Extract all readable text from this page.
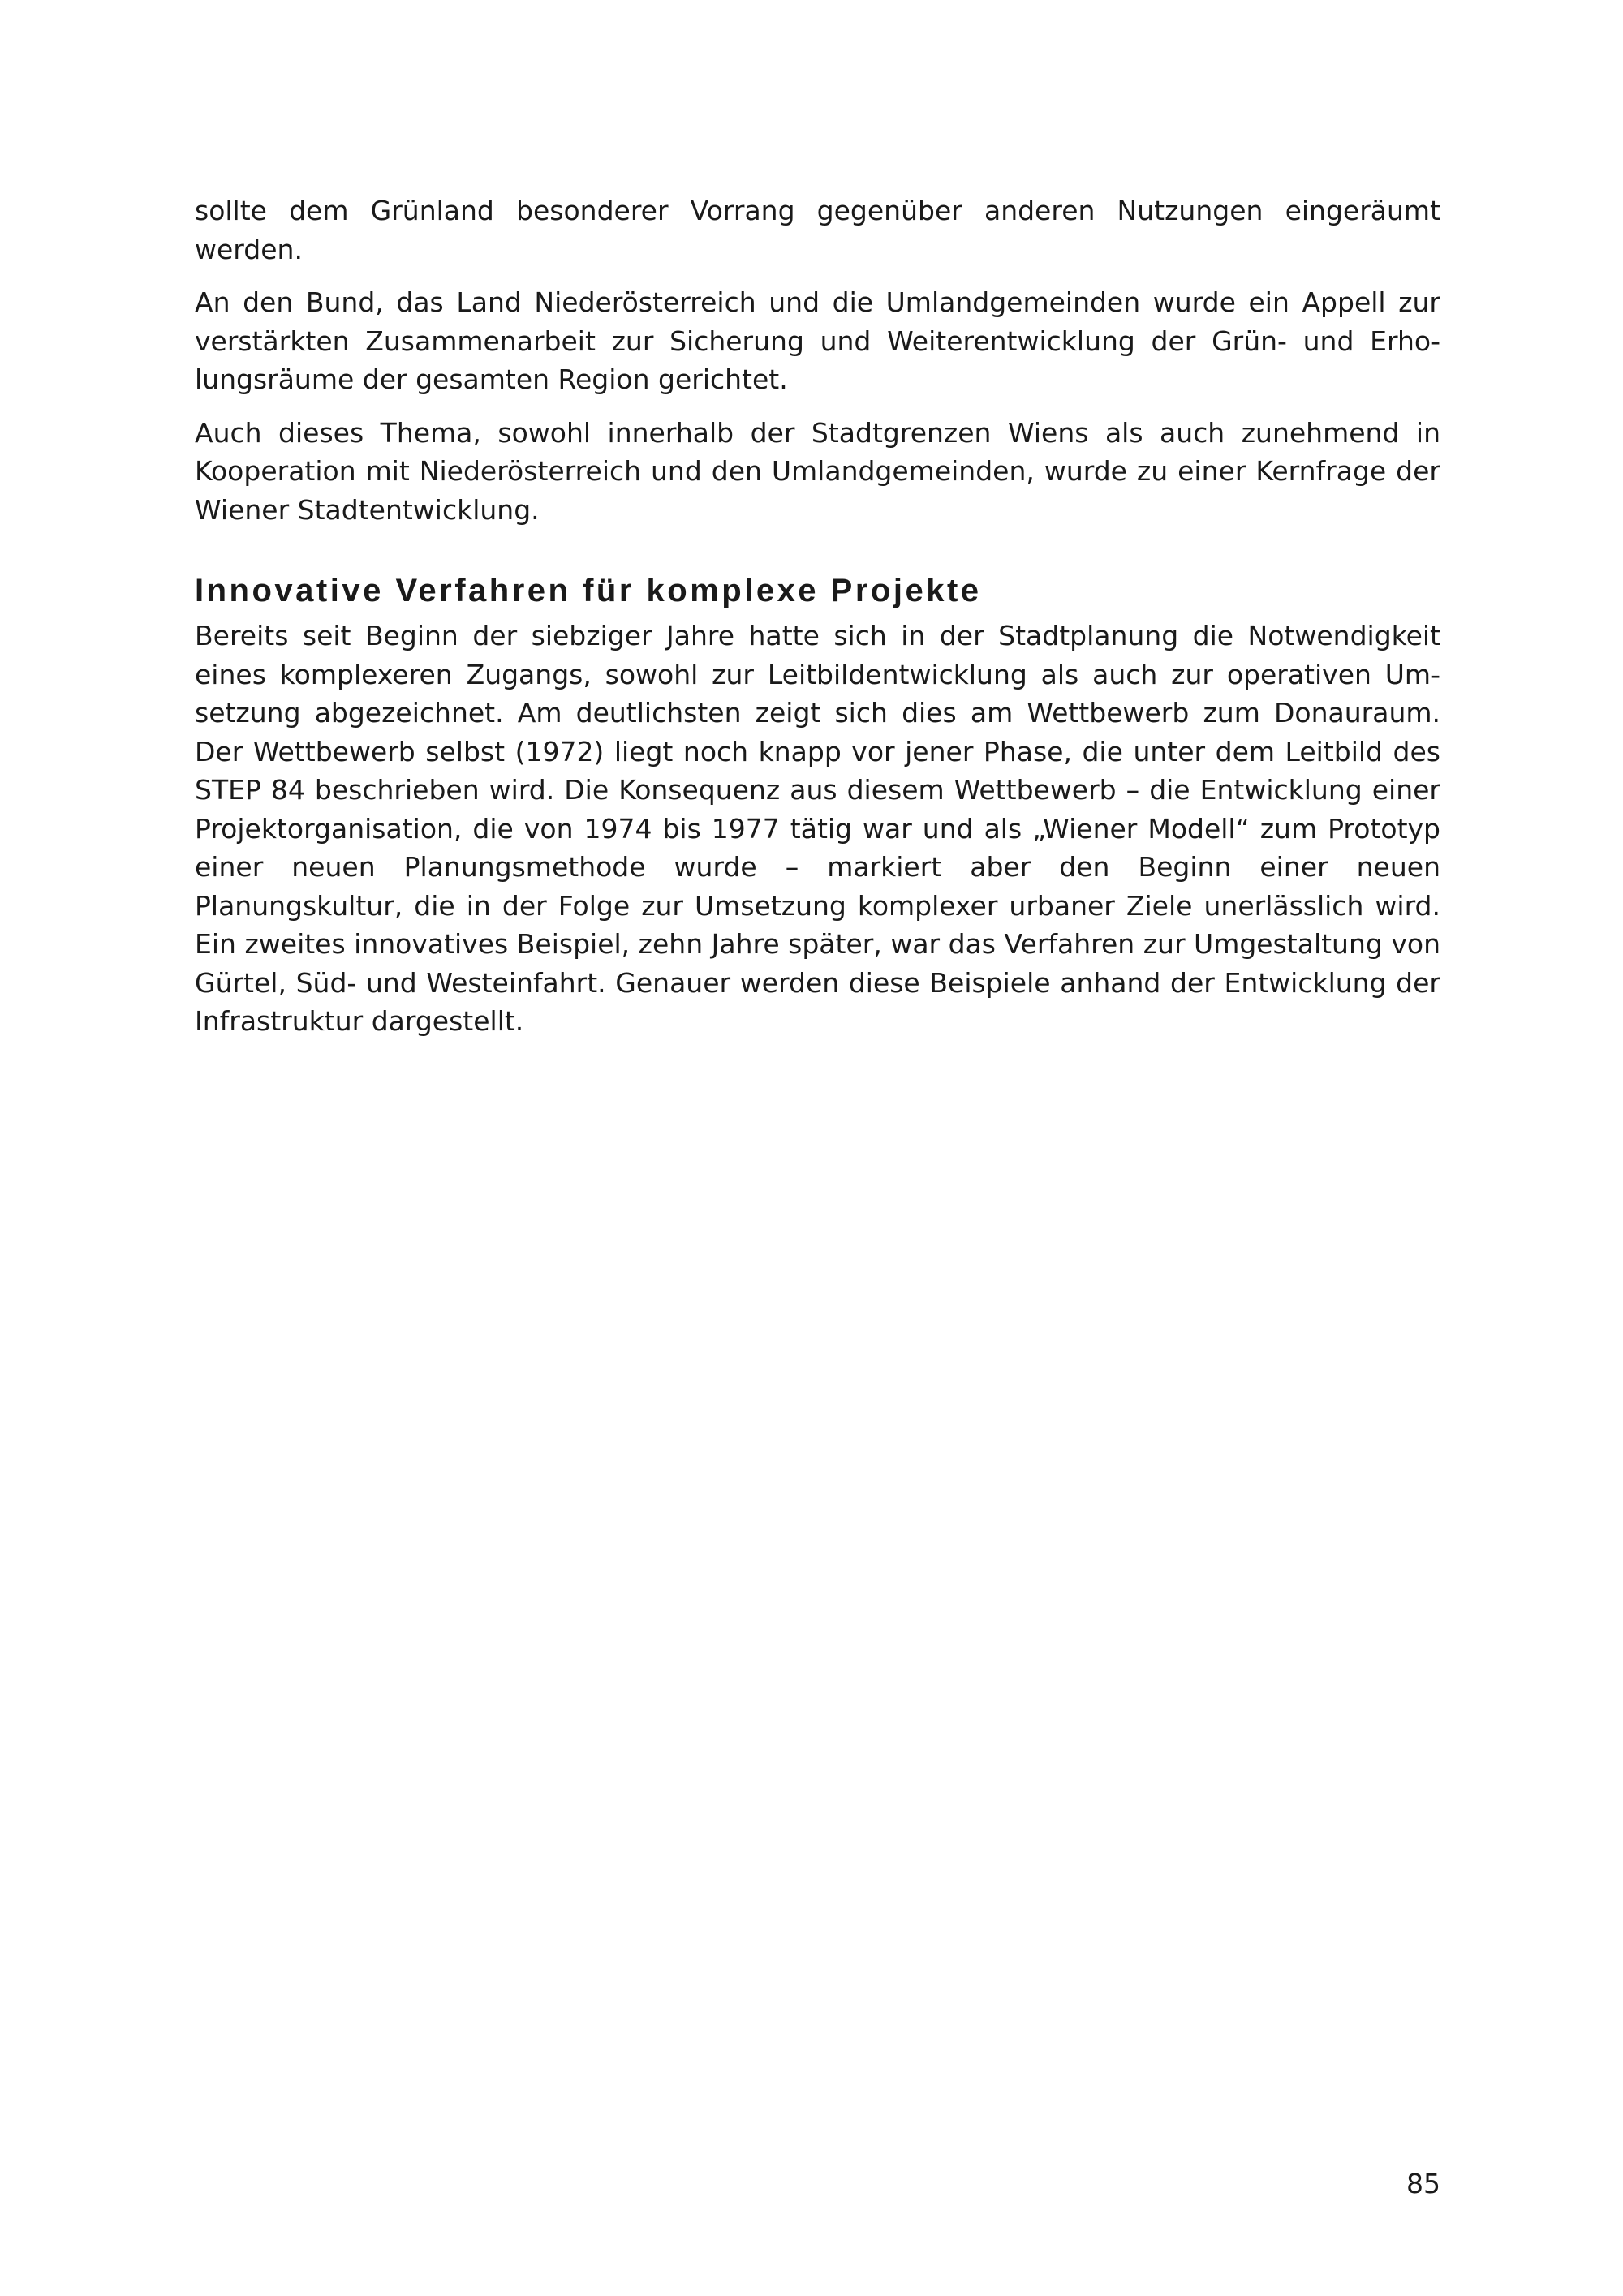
sollte dem Grünland besonderer Vorrang gegenüber anderen Nutzungen eingeräumt werden.

An den Bund, das Land Niederösterreich und die Umlandgemeinden wurde ein Appell zur verstärkten Zusammenarbeit zur Sicherung und Weiterentwicklung der Grün- und Erholungsräume der gesamten Region gerichtet.

Auch dieses Thema, sowohl innerhalb der Stadtgrenzen Wiens als auch zunehmend in Kooperation mit Niederösterreich und den Umlandgemeinden, wurde zu einer Kernfrage der Wiener Stadtentwicklung.

Innovative Verfahren für komplexe Projekte

Bereits seit Beginn der siebziger Jahre hatte sich in der Stadtplanung die Notwendigkeit eines komplexeren Zugangs, sowohl zur Leitbildentwicklung als auch zur operativen Umsetzung abgezeichnet. Am deutlichsten zeigt sich dies am Wettbewerb zum Donauraum. Der Wettbewerb selbst (1972) liegt noch knapp vor jener Phase, die unter dem Leitbild des STEP 84 beschrieben wird. Die Konsequenz aus diesem Wettbewerb – die Entwicklung einer Projektorganisation, die von 1974 bis 1977 tätig war und als „Wiener Modell“ zum Prototyp einer neuen Planungsmethode wurde – markiert aber den Beginn einer neuen Planungskultur, die in der Folge zur Umsetzung komplexer urbaner Ziele unerlässlich wird. Ein zweites innovatives Beispiel, zehn Jahre später, war das Verfahren zur Umgestaltung von Gürtel, Süd- und Westeinfahrt. Genauer werden diese Beispiele anhand der Entwicklung der Infrastruktur dargestellt.

85
